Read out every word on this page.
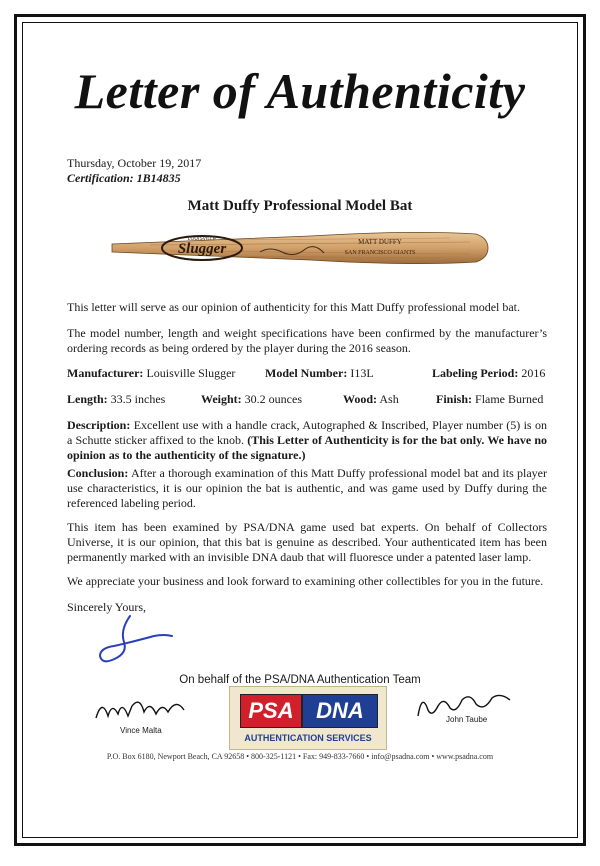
Letter of Authenticity
Thursday, October 19, 2017
Certification: 1B14835
Matt Duffy Professional Model Bat
LOUISVILLE
Slugger	MATT DUFFY
SAN FRANCISCO GIANTS
This letter will serve as our opinion of authenticity for this Matt Duffy professional model bat.
The model number, length and weight specifications have been confirmed by the manufacturer’s ordering records as being ordered by the player during the 2016 season.
Manufacturer: Louisville Slugger Model Number: I13L	Labeling Period: 2016
Length: 33.5 inches	Weight: 30.2 ounces	Wood: Ash	Finish: Flame Burned
Description: Excellent use with a handle crack, Autographed & Inscribed, Player number (5) is on a Schutte sticker affixed to the knob. (This Letter of Authenticity is for the bat only. We have no opinion as to the authenticity of the signature.)
Conclusion: After a thorough examination of this Matt Duffy professional model bat and its player use characteristics, it is our opinion the bat is authentic, and was game used by Duffy during the referenced labeling period.
This item has been examined by PSA/DNA game used bat experts. On behalf of Collectors Universe, it is our opinion, that this bat is genuine as described. Your authenticated item has been permanently marked with an invisible DNA daub that will fluoresce under a patented laser lamp.
We appreciate your business and look forward to examining other collectibles for you in the future.
Sincerely Yours,
On behalf of the PSA/DNA Authentication Team
Vince Malta
PSA	DNA
AUTHENTICATION SERVICES
John Taube
P.O. Box 6180, Newport Beach, CA 92658 • 800-325-1121 • Fax: 949-833-7660 • info@psadna.com • www.psadna.com
